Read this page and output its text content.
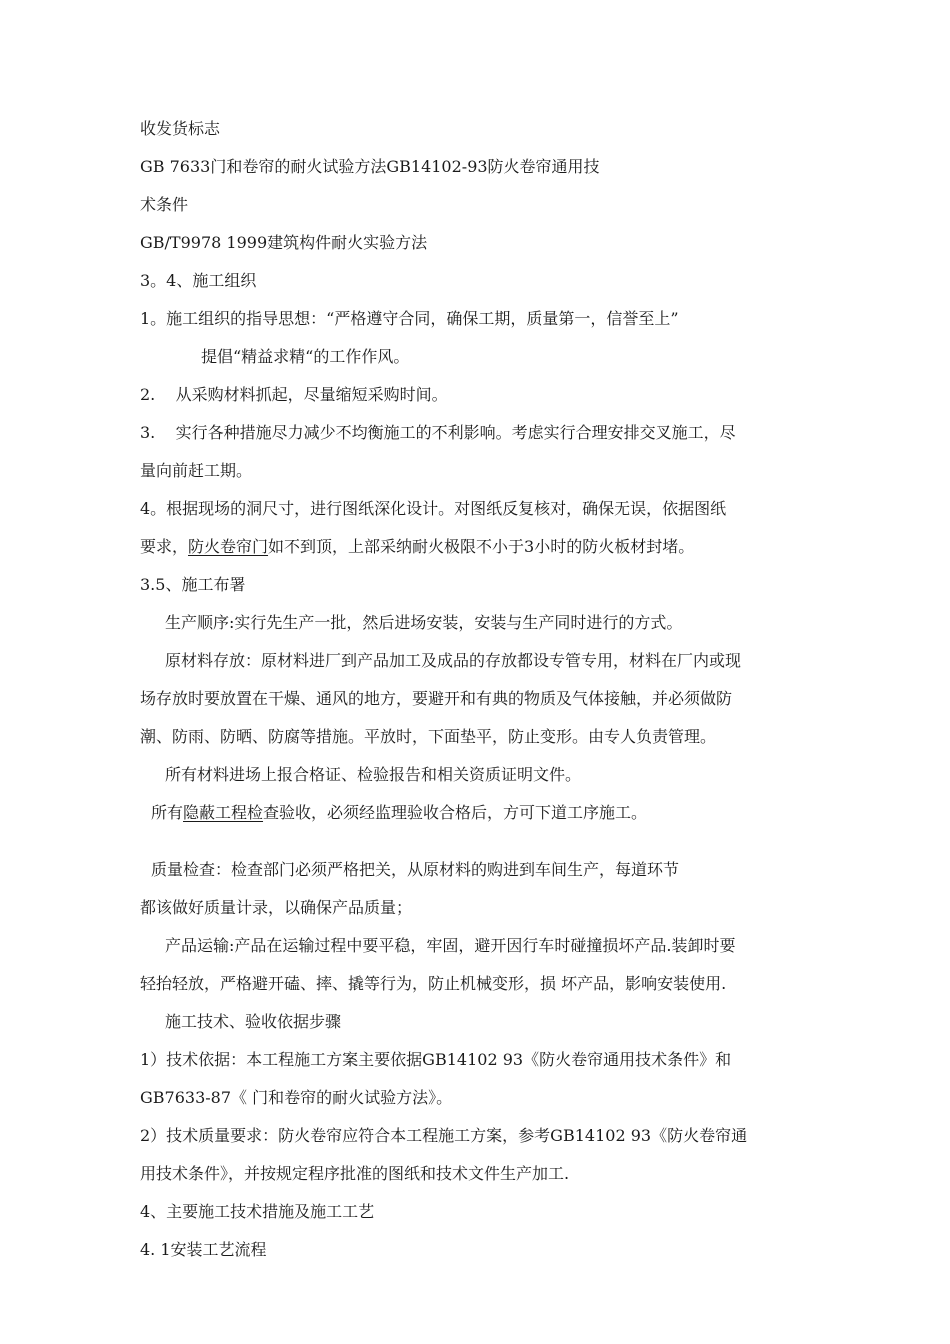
收发货标志
GB 7633门和卷帘的耐火试验方法GB14102-93防火卷帘通用技
术条件
GB/T9978 1999建筑构件耐火实验方法
3。4、施工组织
1。施工组织的指导思想：“严格遵守合同，确保工期，质量第一，信誉至上”
提倡“精益求精“的工作作风。
2.    从采购材料抓起，尽量缩短采购时间。
3.    实行各种措施尽力减少不均衡施工的不利影响。考虑实行合理安排交叉施工，尽
量向前赶工期。
4。根据现场的洞尺寸，进行图纸深化设计。对图纸反复核对，确保无误，依据图纸
要求，防火卷帘门如不到顶，上部采纳耐火极限不小于3小时的防火板材封堵。
3.5、施工布署
生产顺序:实行先生产一批，然后进场安装，安装与生产同时进行的方式。
原材料存放：原材料进厂到产品加工及成品的存放都设专管专用，材料在厂内或现
场存放时要放置在干燥、通风的地方，要避开和有典的物质及气体接触，并必须做防
潮、防雨、防晒、防腐等措施。平放时，下面垫平，防止变形。由专人负责管理。
所有材料进场上报合格证、检验报告和相关资质证明文件。
所有隐蔽工程检查验收，必须经监理验收合格后，方可下道工序施工。
质量检查：检查部门必须严格把关，从原材料的购进到车间生产，每道环节
都该做好质量计录，以确保产品质量；
产品运输:产品在运输过程中要平稳，牢固，避开因行车时碰撞损坏产品.装卸时要
轻抬轻放，严格避开磕、摔、撬等行为，防止机械变形，损 坏产品，影响安装使用.
施工技术、验收依据步骤
1）技术依据：本工程施工方案主要依据GB14102 93《防火卷帘通用技术条件》和
GB7633-87《 门和卷帘的耐火试验方法》。
2）技术质量要求：防火卷帘应符合本工程施工方案，参考GB14102 93《防火卷帘通
用技术条件》，并按规定程序批准的图纸和技术文件生产加工.
4、主要施工技术措施及施工工艺
4. 1安装工艺流程
